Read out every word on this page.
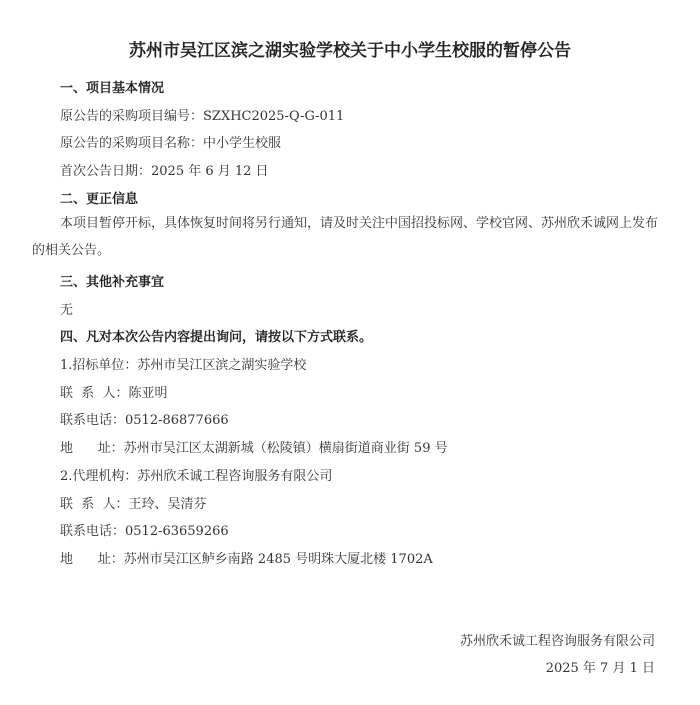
苏州市吴江区滨之湖实验学校关于中小学生校服的暂停公告
一、项目基本情况
原公告的采购项目编号：SZXHC2025-Q-G-011
原公告的采购项目名称：中小学生校服
首次公告日期：2025 年 6 月 12 日
二、更正信息
本项目暂停开标，具体恢复时间将另行通知，请及时关注中国招投标网、学校官网、苏州欣禾诚网上发布的相关公告。
三、其他补充事宜
无
四、凡对本次公告内容提出询问，请按以下方式联系。
1.招标单位：苏州市吴江区滨之湖实验学校
联  系  人：陈亚明
联系电话：0512-86877666
地      址：苏州市吴江区太湖新城（松陵镇）横扇街道商业街 59 号
2.代理机构：苏州欣禾诚工程咨询服务有限公司
联  系  人：王玲、吴清芬
联系电话：0512-63659266
地      址：苏州市吴江区鲈乡南路 2485 号明珠大厦北楼 1702A
苏州欣禾诚工程咨询服务有限公司
2025 年 7 月 1 日
